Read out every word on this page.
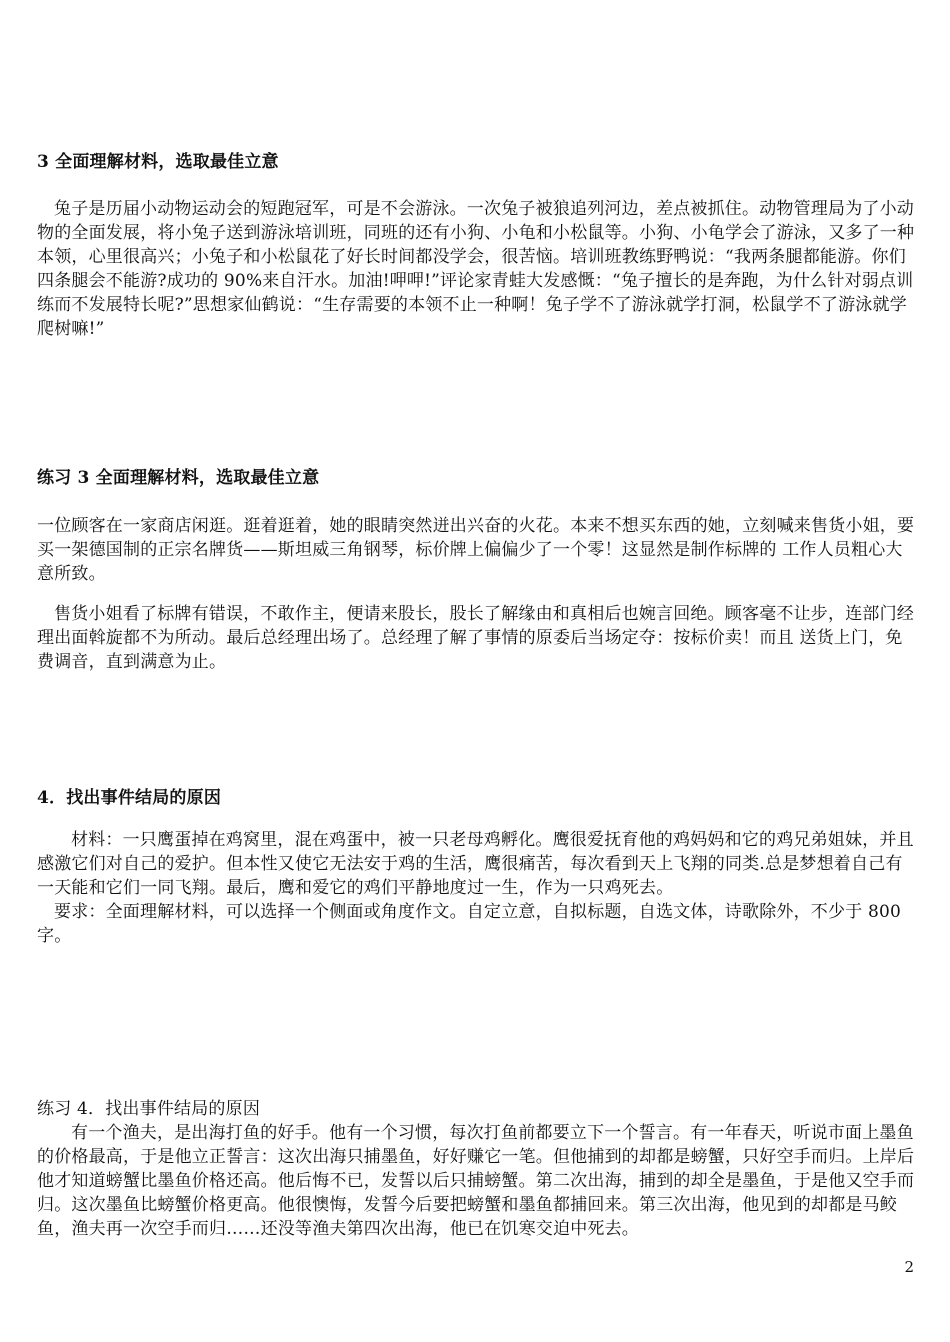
3 全面理解材料，选取最佳立意
兔子是历届小动物运动会的短跑冠军，可是不会游泳。一次兔子被狼追列河边，差点被抓住。动物管理局为了小动物的全面发展，将小兔子送到游泳培训班，同班的还有小狗、小龟和小松鼠等。小狗、小龟学会了游泳，又多了一种本领，心里很高兴；小兔子和小松鼠花了好长时间都没学会，很苦恼。培训班教练野鸭说：“我两条腿都能游。你们四条腿会不能游?成功的 90%来自汗水。加油!呷呷!”评论家青蛙大发感慨：“兔子擅长的是奔跑，为什么针对弱点训练而不发展特长呢?”思想家仙鹤说：“生存需要的本领不止一种啊！兔子学不了游泳就学打洞，松鼠学不了游泳就学爬树嘛!”
练习 3 全面理解材料，选取最佳立意
一位顾客在一家商店闲逛。逛着逛着，她的眼睛突然迸出兴奋的火花。本来不想买东西的她，立刻喊来售货小姐，要买一架德国制的正宗名牌货——斯坦威三角钢琴，标价牌上偏偏少了一个零！这显然是制作标牌的 工作人员粗心大意所致。
售货小姐看了标牌有错误，不敢作主，便请来股长，股长了解缘由和真相后也婉言回绝。顾客毫不让步，连部门经理出面斡旋都不为所动。最后总经理出场了。总经理了解了事情的原委后当场定夺：按标价卖！而且 送货上门，免费调音，直到满意为止。
4．找出事件结局的原因
材料：一只鹰蛋掉在鸡窝里，混在鸡蛋中，被一只老母鸡孵化。鹰很爱抚育他的鸡妈妈和它的鸡兄弟姐妹，并且感激它们对自己的爱护。但本性又使它无法安于鸡的生活，鹰很痛苦，每次看到天上飞翔的同类.总是梦想着自己有一天能和它们一同飞翔。最后，鹰和爱它的鸡们平静地度过一生，作为一只鸡死去。
要求：全面理解材料，可以选择一个侧面或角度作文。自定立意，自拟标题，自选文体，诗歌除外，不少于 800 字。
练习 4．找出事件结局的原因
有一个渔夫，是出海打鱼的好手。他有一个习惯，每次打鱼前都要立下一个誓言。有一年春天，听说市面上墨鱼的价格最高，于是他立正誓言：这次出海只捕墨鱼，好好赚它一笔。但他捕到的却都是螃蟹，只好空手而归。上岸后他才知道螃蟹比墨鱼价格还高。他后悔不已，发誓以后只捕螃蟹。第二次出海，捕到的却全是墨鱼，于是他又空手而归。这次墨鱼比螃蟹价格更高。他很懊悔，发誓今后要把螃蟹和墨鱼都捕回来。第三次出海，他见到的却都是马鲛鱼，渔夫再一次空手而归……还没等渔夫第四次出海，他已在饥寒交迫中死去。
2
